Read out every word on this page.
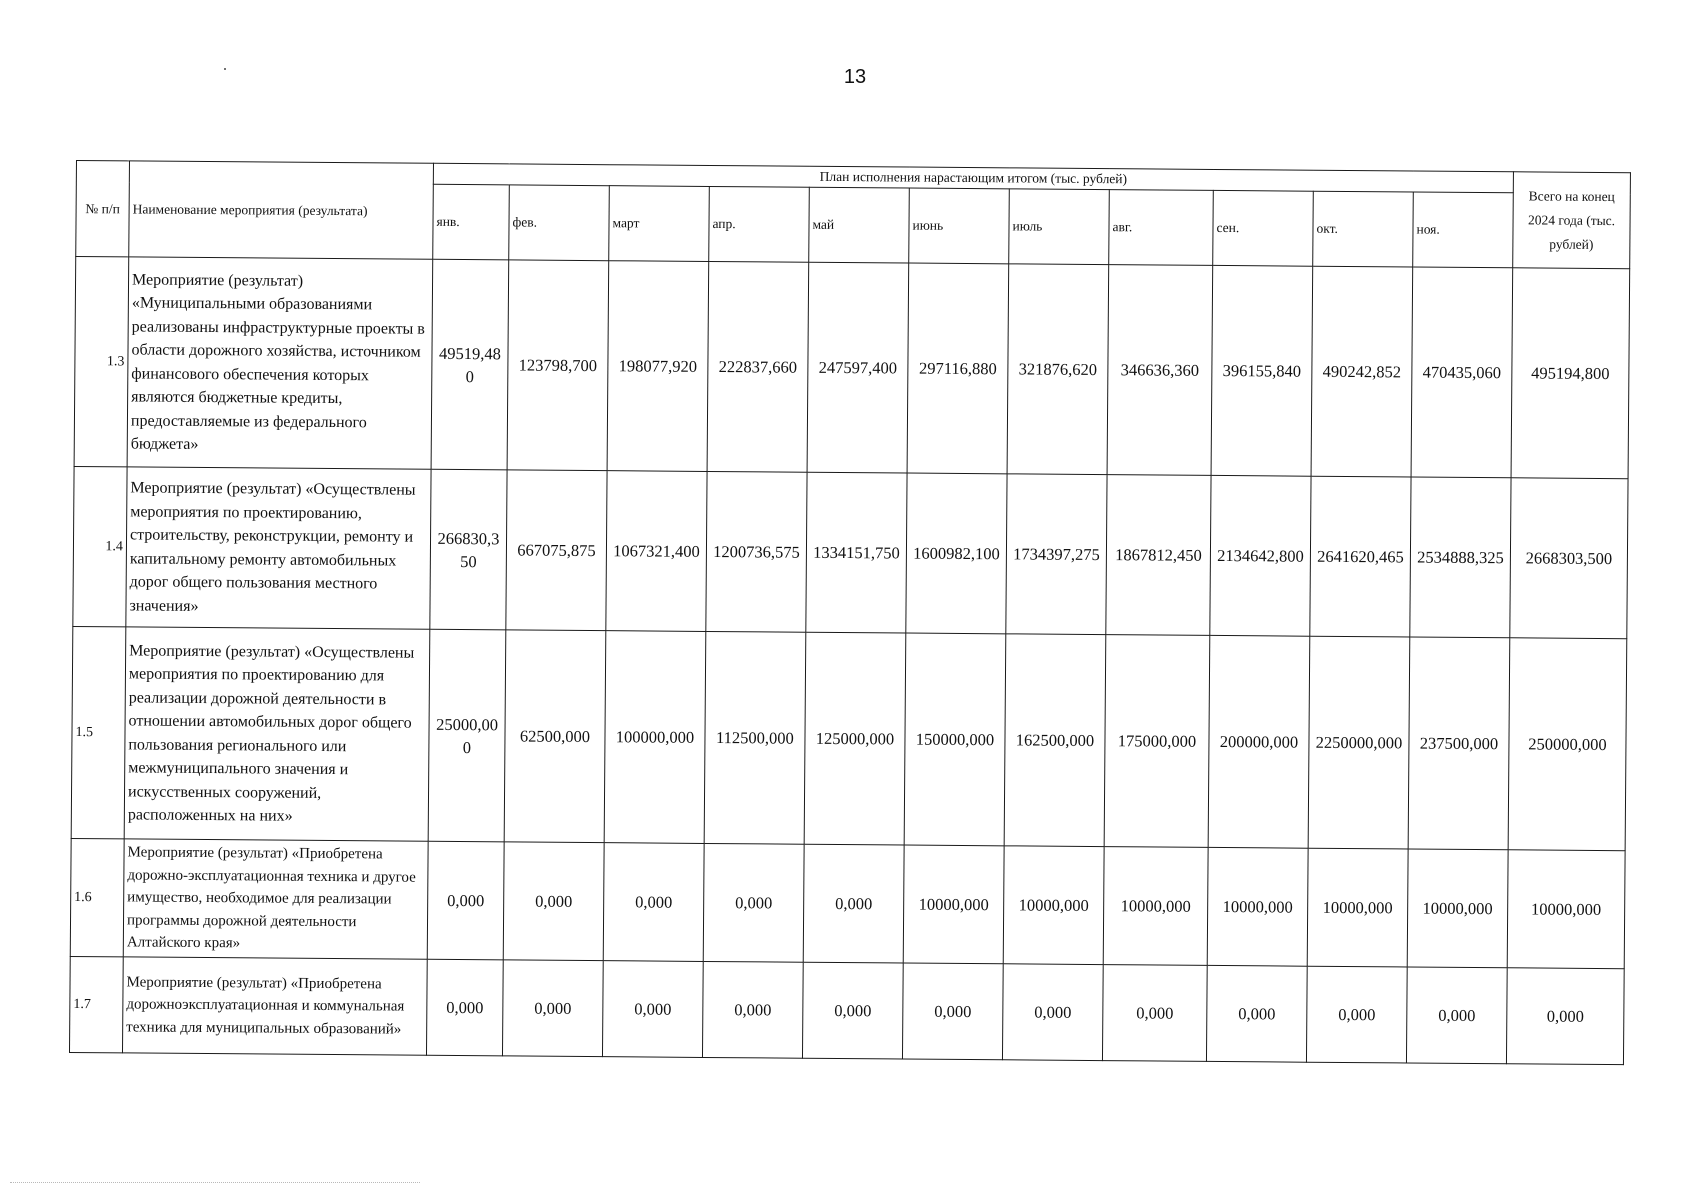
13
№ п/п	Наименование мероприятия (результата)	План исполнения нарастающим итогом (тыс. рублей)											Всего на конец 2024 года (тыс. рублей)
		янв.	фев.	март	апр.	май	июнь	июль	авг.	сен.	окт.	ноя.	
1.3	Мероприятие (результат) «Муниципальными образованиями реализованы инфраструктурные проекты в области дорожного хозяйства, источником финансового обеспечения которых являются бюджетные кредиты, предоставляемые из федерального бюджета»	49519,480	123798,700	198077,920	222837,660	247597,400	297116,880	321876,620	346636,360	396155,840	490242,852	470435,060	495194,800
1.4	Мероприятие (результат) «Осуществлены мероприятия по проектированию, строительству, реконструкции, ремонту и капитальному ремонту автомобильных дорог общего пользования местного значения»	266830,350	667075,875	1067321,400	1200736,575	1334151,750	1600982,100	1734397,275	1867812,450	2134642,800	2641620,465	2534888,325	2668303,500
1.5	Мероприятие (результат) «Осуществлены мероприятия по проектированию для реализации дорожной деятельности в отношении автомобильных дорог общего пользования регионального или межмуниципального значения и искусственных сооружений, расположенных на них»	25000,000	62500,000	100000,000	112500,000	125000,000	150000,000	162500,000	175000,000	200000,000	2250000,000	237500,000	250000,000
1.6	Мероприятие (результат) «Приобретена дорожно-эксплуатационная техника и другое имущество, необходимое для реализации программы дорожной деятельности Алтайского края»	0,000	0,000	0,000	0,000	0,000	10000,000	10000,000	10000,000	10000,000	10000,000	10000,000	10000,000
1.7	Мероприятие (результат) «Приобретена дорожноэксплуатационная и коммунальная техника для муниципальных образований»	0,000	0,000	0,000	0,000	0,000	0,000	0,000	0,000	0,000	0,000	0,000	0,000
